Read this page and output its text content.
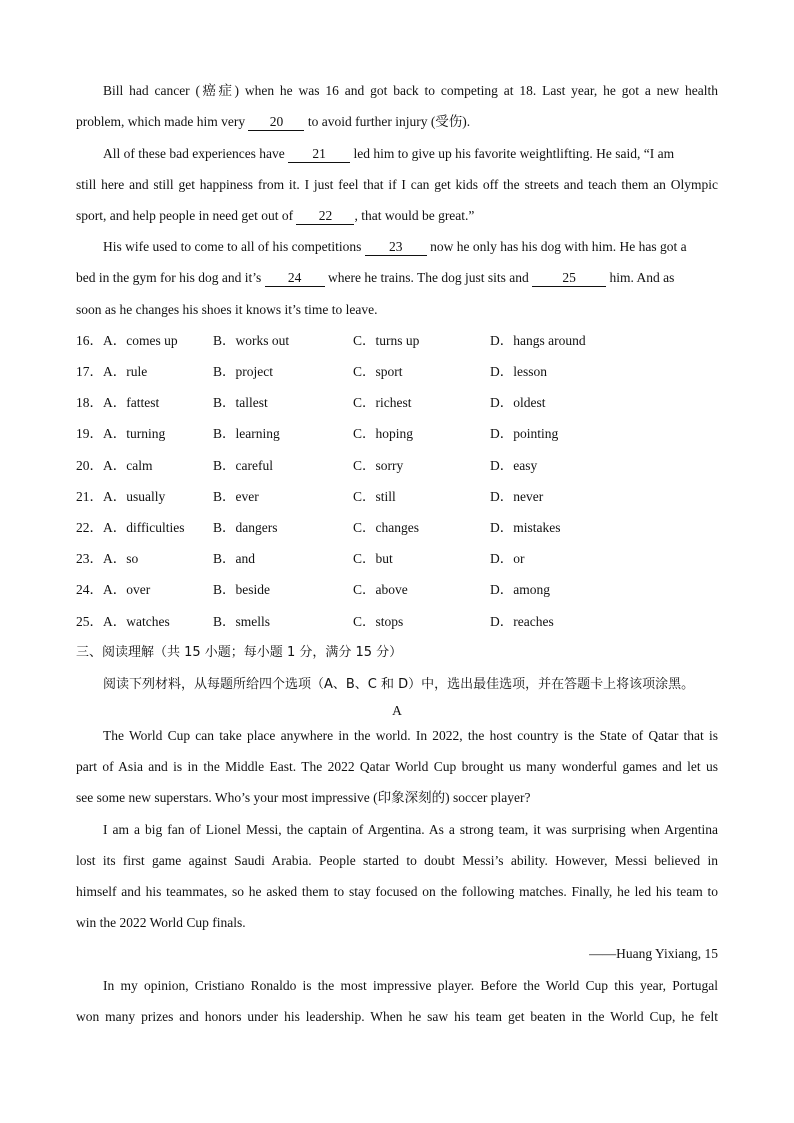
Bill had cancer (癌症) when he was 16 and got back to competing at 18. Last year, he got a new health
problem, which made him very 20 to avoid further injury (受伤).
All of these bad experiences have 21 led him to give up his favorite weightlifting. He said, “I am
still here and still get happiness from it. I just feel that if I can get kids off the streets and teach them an Olympic
sport, and help people in need get out of 22 , that would be great.”
His wife used to come to all of his competitions 23 now he only has his dog with him. He has got a
bed in the gym for his dog and it’s 24 where he trains. The dog just sits and 25 him. And as
soon as he changes his shoes it knows it’s time to leave.
16．A．comes up	B．works out	C．turns up	D．hangs around
17．A．rule	B．project	C．sport	D．lesson
18．A．fattest	B．tallest	C．richest	D．oldest
19．A．turning	B．learning	C．hoping	D．pointing
20．A．calm	B．careful	C．sorry	D．easy
21．A．usually	B．ever	C．still	D．never
22．A．difficulties B．dangers	C．changes	D．mistakes
23．A．so	B．and	C．but	D．or
24．A．over	B．beside	C．above	D．among
25．A．watches	B．smells	C．stops	D．reaches
三、阅读理解（共 15 小题；每小题 1 分，满分 15 分）
阅读下列材料，从每题所给四个选项（A、B、C 和 D）中，选出最佳选项，并在答题卡上将该项涂黑。
A
The World Cup can take place anywhere in the world. In 2022, the host country is the State of Qatar that is
part of Asia and is in the Middle East. The 2022 Qatar World Cup brought us many wonderful games and let us
see some new superstars. Who’s your most impressive (印象深刻的) soccer player?
I am a big fan of Lionel Messi, the captain of Argentina. As a strong team, it was surprising when Argentina
lost its first game against Saudi Arabia. People started to doubt Messi’s ability. However, Messi believed in
himself and his teammates, so he asked them to stay focused on the following matches. Finally, he led his team to
win the 2022 World Cup finals.
——Huang Yixiang, 15
In my opinion, Cristiano Ronaldo is the most impressive player. Before the World Cup this year, Portugal
won many prizes and honors under his leadership. When he saw his team get beaten in the World Cup, he felt
